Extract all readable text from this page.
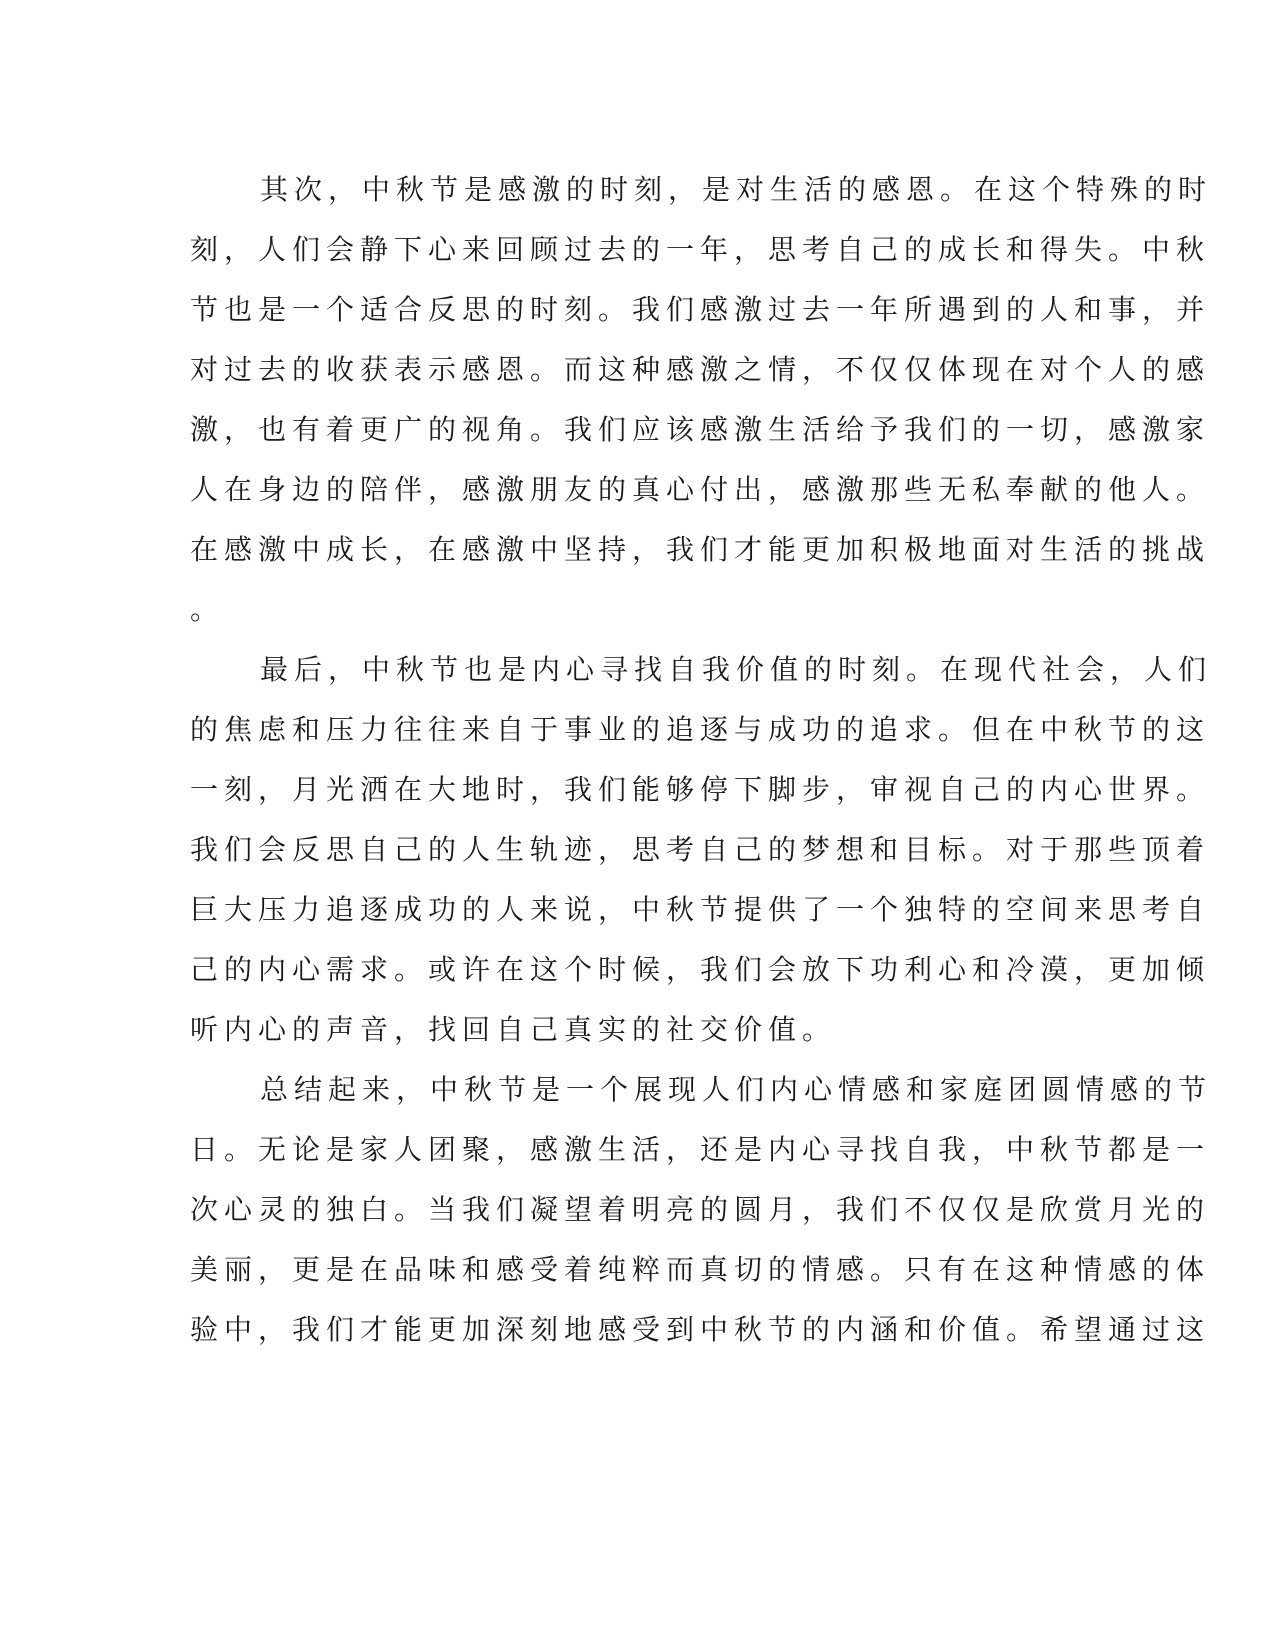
其次，中秋节是感激的时刻，是对生活的感恩。在这个特殊的时
刻，人们会静下心来回顾过去的一年，思考自己的成长和得失。中秋
节也是一个适合反思的时刻。我们感激过去一年所遇到的人和事，并
对过去的收获表示感恩。而这种感激之情，不仅仅体现在对个人的感
激，也有着更广的视角。我们应该感激生活给予我们的一切，感激家
人在身边的陪伴，感激朋友的真心付出，感激那些无私奉献的他人。
在感激中成长，在感激中坚持，我们才能更加积极地面对生活的挑战
。
最后，中秋节也是内心寻找自我价值的时刻。在现代社会，人们
的焦虑和压力往往来自于事业的追逐与成功的追求。但在中秋节的这
一刻，月光洒在大地时，我们能够停下脚步，审视自己的内心世界。
我们会反思自己的人生轨迹，思考自己的梦想和目标。对于那些顶着
巨大压力追逐成功的人来说，中秋节提供了一个独特的空间来思考自
己的内心需求。或许在这个时候，我们会放下功利心和冷漠，更加倾
听内心的声音，找回自己真实的社交价值。
总结起来，中秋节是一个展现人们内心情感和家庭团圆情感的节
日。无论是家人团聚，感激生活，还是内心寻找自我，中秋节都是一
次心灵的独白。当我们凝望着明亮的圆月，我们不仅仅是欣赏月光的
美丽，更是在品味和感受着纯粹而真切的情感。只有在这种情感的体
验中，我们才能更加深刻地感受到中秋节的内涵和价值。希望通过这
